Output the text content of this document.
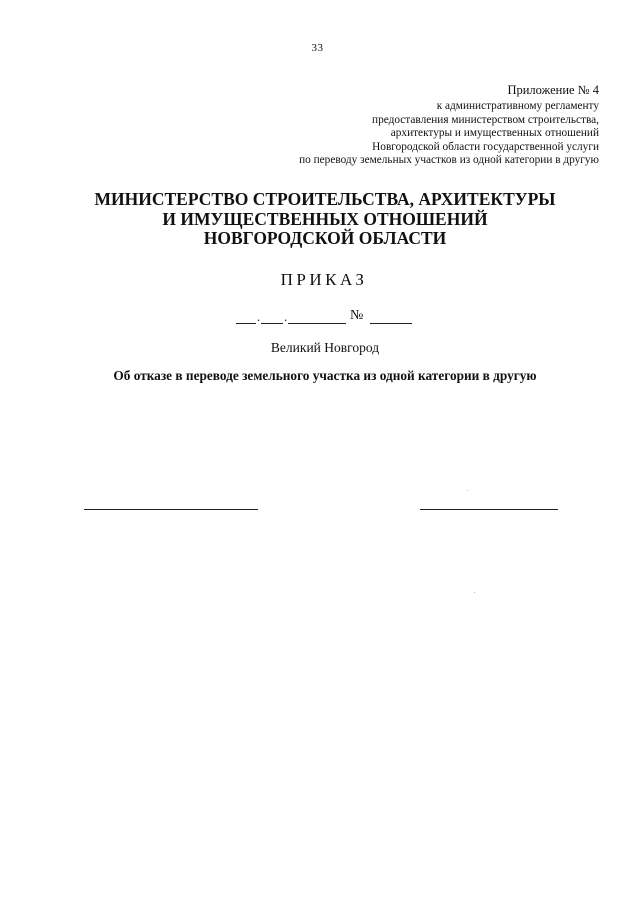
33
Приложение № 4
к административному регламенту
предоставления министерством строительства,
архитектуры и имущественных отношений
Новгородской области государственной услуги
по переводу земельных участков из одной категории в другую
МИНИСТЕРСТВО СТРОИТЕЛЬСТВА, АРХИТЕКТУРЫ
И ИМУЩЕСТВЕННЫХ ОТНОШЕНИЙ
НОВГОРОДСКОЙ ОБЛАСТИ
ПРИКАЗ
. .	№
Великий Новгород
Об отказе в переводе земельного участка из одной категории в другую
